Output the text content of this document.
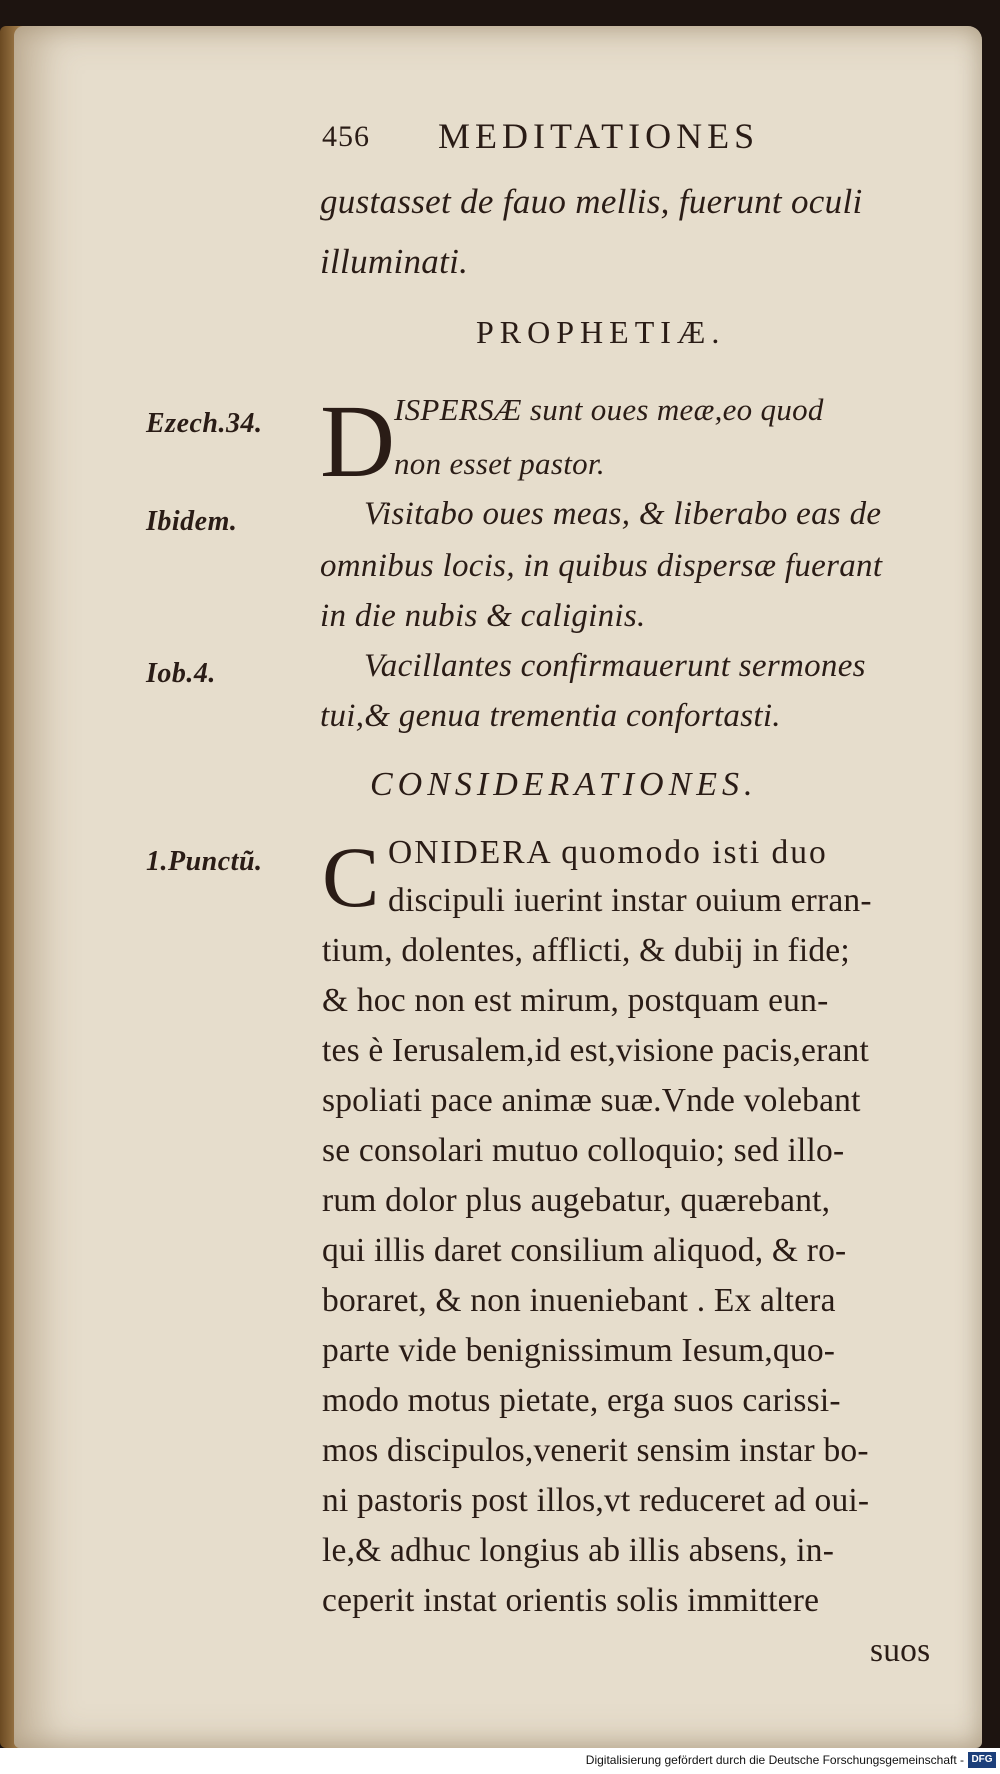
456 MEDITATIONES
gustasset de fauo mellis, fuerunt oculi
illuminati.
PROPHETIÆ.
Ezech.34. D
ISPERSÆ sunt oues meæ,eo quod
non esset pastor.
Ibidem.	Visitabo oues meas, & liberabo eas de
omnibus locis, in quibus dispersæ fuerant
in die nubis & caliginis.
Iob.4.	Vacillantes confirmauerunt sermones
tui,& genua trementia confortasti.
CONSIDERATIONES.
1.Punctũ. C ONIDERA quomodo isti duo
discipuli iuerint instar ouium erran-
tium, dolentes, afflicti, & dubij in fide;
& hoc non est mirum, postquam eun-
tes è Ierusalem,id est,visione pacis,erant
spoliati pace animæ suæ.Vnde volebant
se consolari mutuo colloquio; sed illo-
rum dolor plus augebatur, quærebant,
qui illis daret consilium aliquod, & ro-
boraret, & non inueniebant . Ex altera
parte vide benignissimum Iesum,quo-
modo motus pietate, erga suos carissi-
mos discipulos,venerit sensim instar bo-
ni pastoris post illos,vt reduceret ad oui-
le,& adhuc longius ab illis absens, in-
ceperit instat orientis solis immittere
suos
Digitalisierung gefördert durch die Deutsche Forschungsgemeinschaft - DFG
